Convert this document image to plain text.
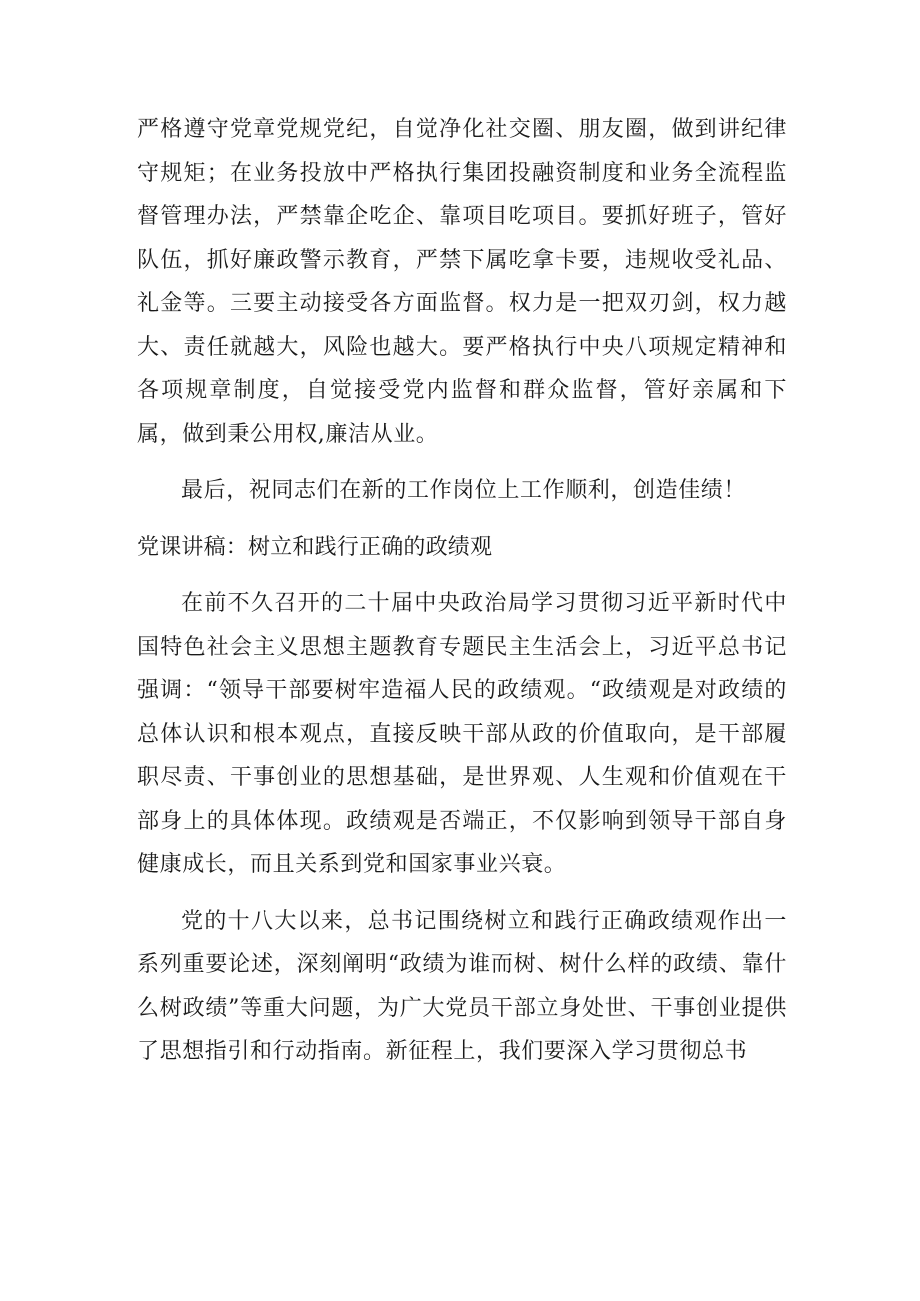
严格遵守党章党规党纪，自觉净化社交圈、朋友圈，做到讲纪律守规矩；在业务投放中严格执行集团投融资制度和业务全流程监督管理办法，严禁靠企吃企、靠项目吃项目。要抓好班子，管好队伍，抓好廉政警示教育，严禁下属吃拿卡要，违规收受礼品、礼金等。三要主动接受各方面监督。权力是一把双刃剑，权力越大、责任就越大，风险也越大。要严格执行中央八项规定精神和各项规章制度，自觉接受党内监督和群众监督，管好亲属和下属，做到秉公用权,廉洁从业。

最后，祝同志们在新的工作岗位上工作顺利，创造佳绩！

党课讲稿：树立和践行正确的政绩观

在前不久召开的二十届中央政治局学习贯彻习近平新时代中国特色社会主义思想主题教育专题民主生活会上，习近平总书记强调：“领导干部要树牢造福人民的政绩观。“政绩观是对政绩的总体认识和根本观点，直接反映干部从政的价值取向，是干部履职尽责、干事创业的思想基础，是世界观、人生观和价值观在干部身上的具体体现。政绩观是否端正，不仅影响到领导干部自身健康成长，而且关系到党和国家事业兴衰。

党的十八大以来，总书记围绕树立和践行正确政绩观作出一系列重要论述，深刻阐明“政绩为谁而树、树什么样的政绩、靠什么树政绩”等重大问题，为广大党员干部立身处世、干事创业提供了思想指引和行动指南。新征程上，我们要深入学习贯彻总书
